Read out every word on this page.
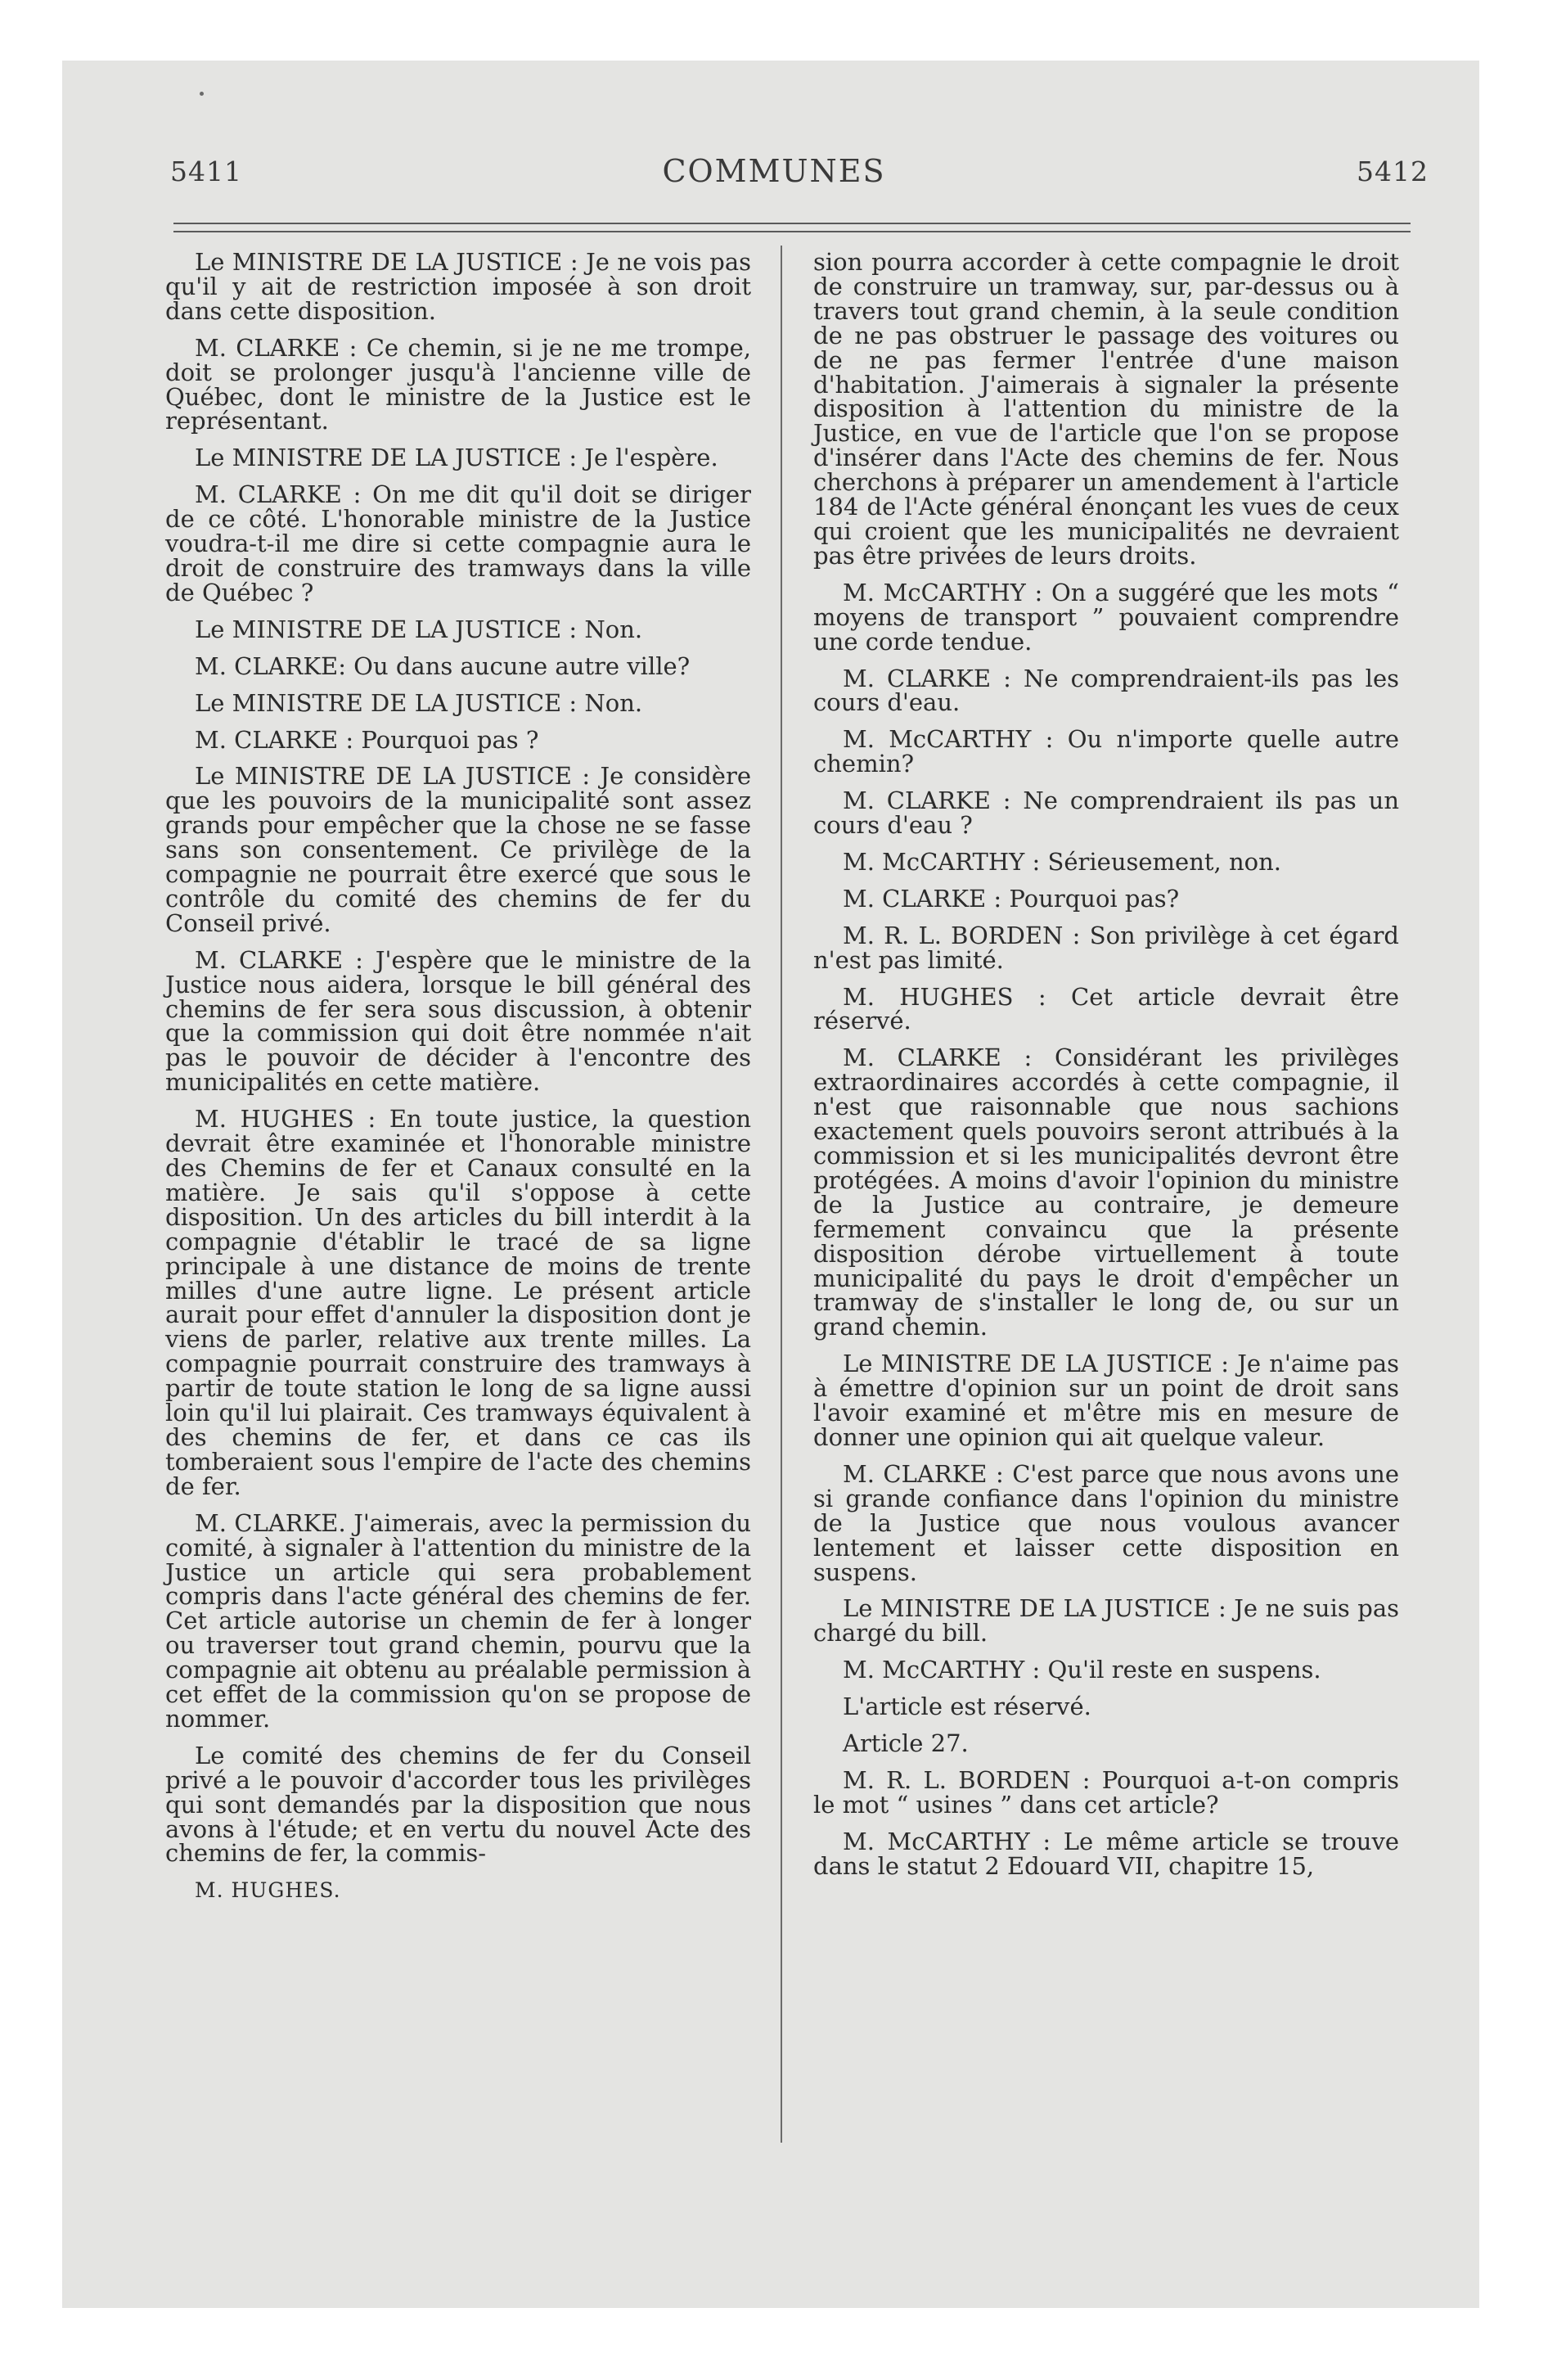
5411	COMMUNES	5412

Le MINISTRE DE LA JUSTICE : Je ne vois pas qu'il y ait de restriction imposée à son droit dans cette disposition.

M. CLARKE : Ce chemin, si je ne me trompe, doit se prolonger jusqu'à l'ancienne ville de Québec, dont le ministre de la Justice est le représentant.

Le MINISTRE DE LA JUSTICE : Je l'espère.

M. CLARKE : On me dit qu'il doit se diriger de ce côté. L'honorable ministre de la Justice voudra-t-il me dire si cette compagnie aura le droit de construire des tramways dans la ville de Québec ?

Le MINISTRE DE LA JUSTICE : Non.

M. CLARKE: Ou dans aucune autre ville?

Le MINISTRE DE LA JUSTICE : Non.

M. CLARKE : Pourquoi pas ?

Le MINISTRE DE LA JUSTICE : Je considère que les pouvoirs de la municipalité sont assez grands pour empêcher que la chose ne se fasse sans son consentement. Ce privilège de la compagnie ne pourrait être exercé que sous le contrôle du comité des chemins de fer du Conseil privé.

M. CLARKE : J'espère que le ministre de la Justice nous aidera, lorsque le bill général des chemins de fer sera sous discussion, à obtenir que la commission qui doit être nommée n'ait pas le pouvoir de décider à l'encontre des municipalités en cette matière.

M. HUGHES : En toute justice, la question devrait être examinée et l'honorable ministre des Chemins de fer et Canaux consulté en la matière. Je sais qu'il s'oppose à cette disposition. Un des articles du bill interdit à la compagnie d'établir le tracé de sa ligne principale à une distance de moins de trente milles d'une autre ligne. Le présent article aurait pour effet d'annuler la disposition dont je viens de parler, relative aux trente milles. La compagnie pourrait construire des tramways à partir de toute station le long de sa ligne aussi loin qu'il lui plairait. Ces tramways équivalent à des chemins de fer, et dans ce cas ils tomberaient sous l'empire de l'acte des chemins de fer.

M. CLARKE. J'aimerais, avec la permission du comité, à signaler à l'attention du ministre de la Justice un article qui sera probablement compris dans l'acte général des chemins de fer. Cet article autorise un chemin de fer à longer ou traverser tout grand chemin, pourvu que la compagnie ait obtenu au préalable permission à cet effet de la commission qu'on se propose de nommer.

Le comité des chemins de fer du Conseil privé a le pouvoir d'accorder tous les privilèges qui sont demandés par la disposition que nous avons à l'étude; et en vertu du nouvel Acte des chemins de fer, la commis-

M. HUGHES.

sion pourra accorder à cette compagnie le droit de construire un tramway, sur, par-dessus ou à travers tout grand chemin, à la seule condition de ne pas obstruer le passage des voitures ou de ne pas fermer l'entrée d'une maison d'habitation. J'aimerais à signaler la présente disposition à l'attention du ministre de la Justice, en vue de l'article que l'on se propose d'insérer dans l'Acte des chemins de fer. Nous cherchons à préparer un amendement à l'article 184 de l'Acte général énonçant les vues de ceux qui croient que les municipalités ne devraient pas être privées de leurs droits.

M. McCARTHY : On a suggéré que les mots “ moyens de transport ” pouvaient comprendre une corde tendue.

M. CLARKE : Ne comprendraient-ils pas les cours d'eau.

M. McCARTHY : Ou n'importe quelle autre chemin?

M. CLARKE : Ne comprendraient ils pas un cours d'eau ?

M. McCARTHY : Sérieusement, non.

M. CLARKE : Pourquoi pas?

M. R. L. BORDEN : Son privilège à cet égard n'est pas limité.

M. HUGHES : Cet article devrait être réservé.

M. CLARKE : Considérant les privilèges extraordinaires accordés à cette compagnie, il n'est que raisonnable que nous sachions exactement quels pouvoirs seront attribués à la commission et si les municipalités devront être protégées. A moins d'avoir l'opinion du ministre de la Justice au contraire, je demeure fermement convaincu que la présente disposition dérobe virtuellement à toute municipalité du pays le droit d'empêcher un tramway de s'installer le long de, ou sur un grand chemin.

Le MINISTRE DE LA JUSTICE : Je n'aime pas à émettre d'opinion sur un point de droit sans l'avoir examiné et m'être mis en mesure de donner une opinion qui ait quelque valeur.

M. CLARKE : C'est parce que nous avons une si grande confiance dans l'opinion du ministre de la Justice que nous voulous avancer lentement et laisser cette disposition en suspens.

Le MINISTRE DE LA JUSTICE : Je ne suis pas chargé du bill.

M. McCARTHY : Qu'il reste en suspens.

L'article est réservé.

Article 27.

M. R. L. BORDEN : Pourquoi a-t-on compris le mot “ usines ” dans cet article?

M. McCARTHY : Le même article se trouve dans le statut 2 Edouard VII, chapitre 15,
